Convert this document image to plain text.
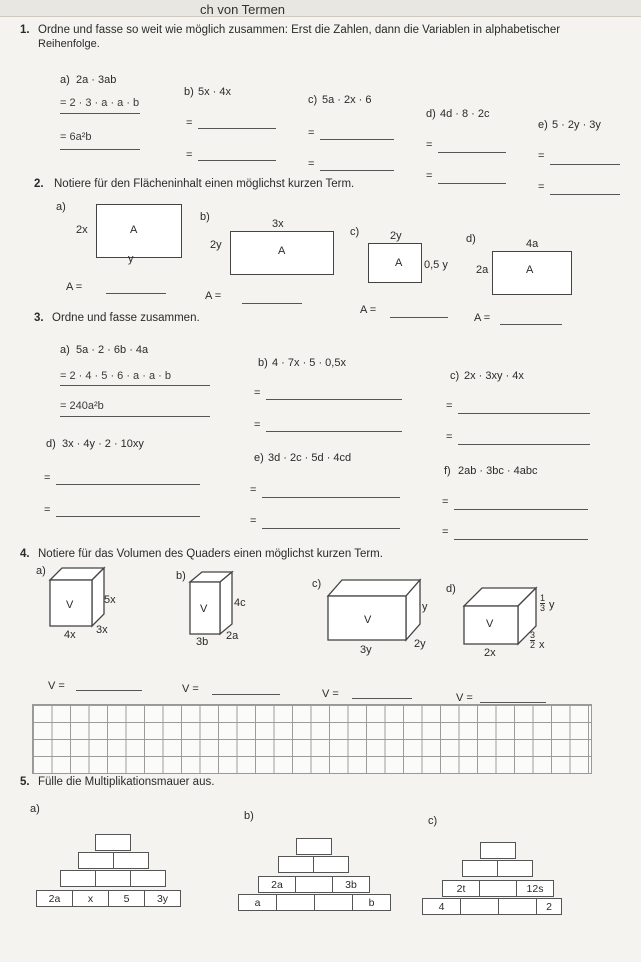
ch von Termen
1. Ordne und fasse so weit wie möglich zusammen: Erst die Zahlen, dann die Variablen in alphabetischer
Reihenfolge.
a) 2a · 3ab
= 2 · 3 · a · a · b
= 6a²b
b) 5x · 4x
=
=
c) 5a · 2x · 6
=
=
d) 4d · 8 · 2c
=
=
e) 5 · 2y · 3y
=
=
2. Notiere für den Flächeninhalt einen möglichst kurzen Term.
a)
2x	A
y
A =
b)
3x
2y	A
A =
c)	2y
A 0,5 y
A =
d)	4a
2a	A
A =
3. Ordne und fasse zusammen.
a) 5a · 2 · 6b · 4a
= 2 · 4 · 5 · 6 · a · a · b
= 240a²b
b) 4 · 7x · 5 · 0,5x
=
=
c) 2x · 3xy · 4x
=
=
d) 3x · 4y · 2 · 10xy
=
=
e) 3d · 2c · 5d · 4cd
=
=
f) 2ab · 3bc · 4abc
=
=
4. Notiere für das Volumen des Quaders einen möglichst kurzen Term.
a)
V	5x
4x 3x
V =
b)
V 4c
3b 2a
V =
c)
V
y
3y	2y
V =
d)
V
$\frac{1}{3}$ y
2x
$\frac{3}{2}$ x
V =
5. Fülle die Multiplikationsmauer aus.
a)
2a	x	5	3y
b)
2a	3b
a	b
c)
2t	12s
4	2
